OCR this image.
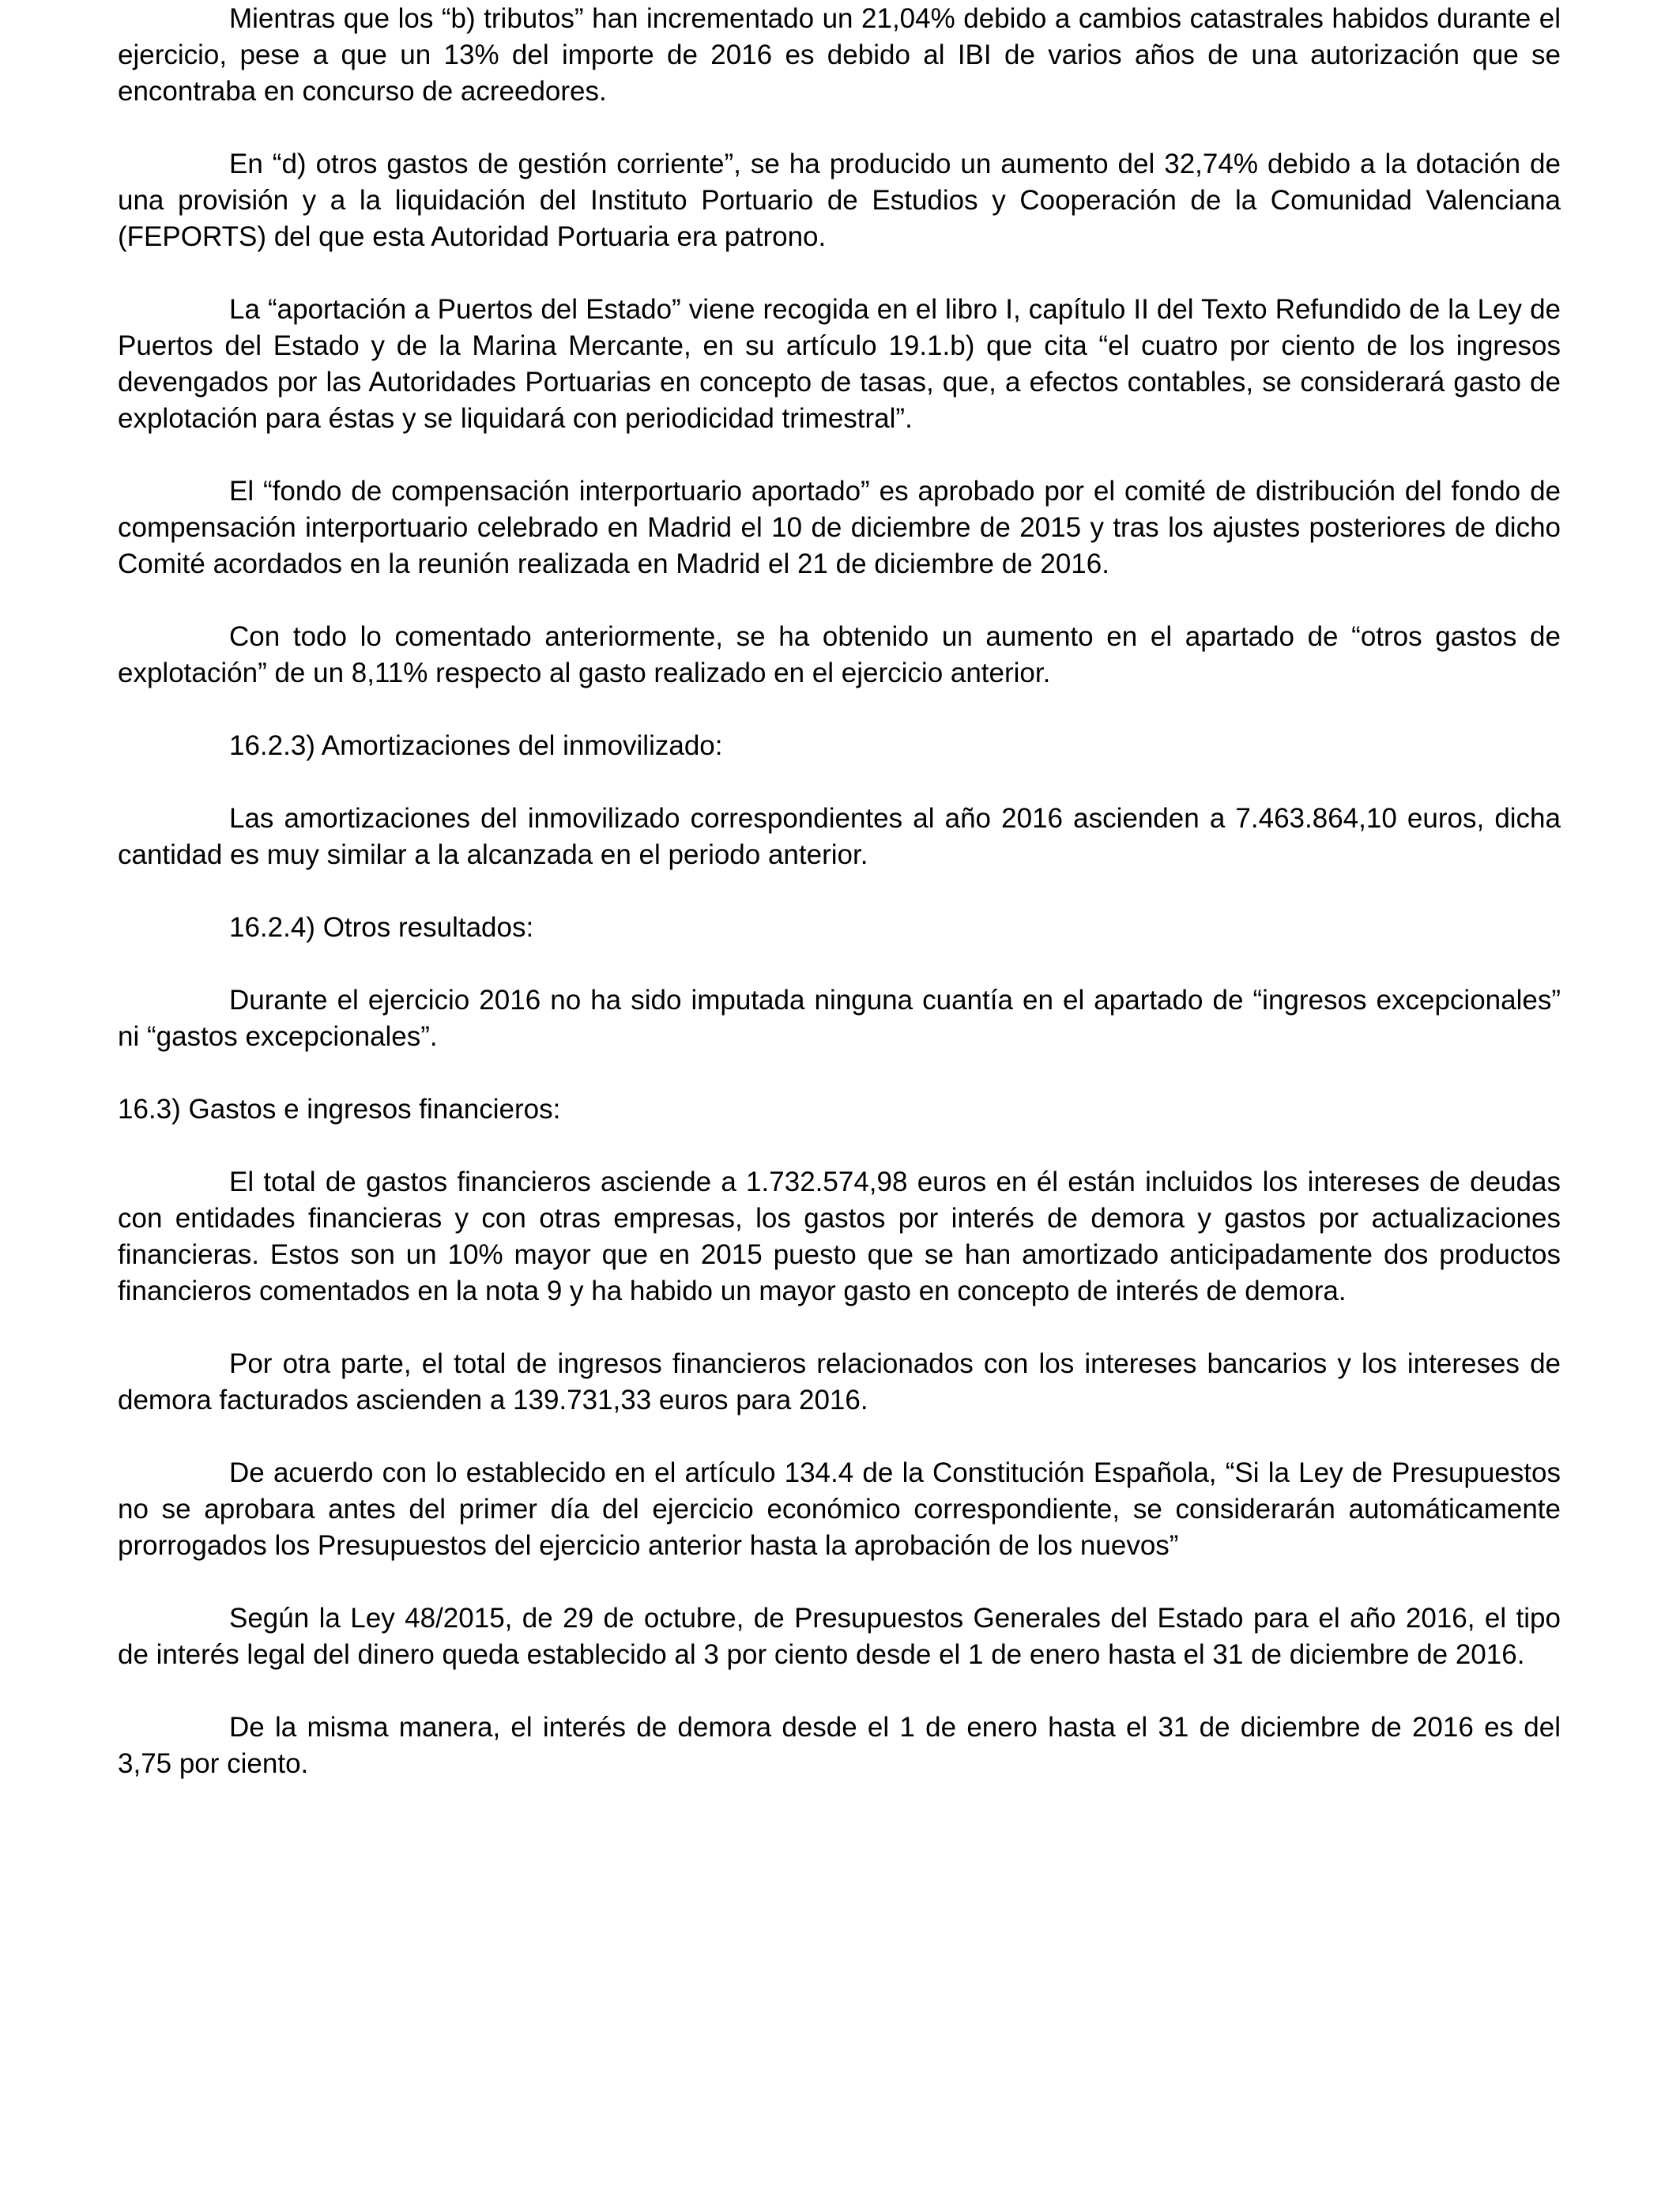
Mientras que los “b) tributos” han incrementado un 21,04% debido a cambios catastrales habidos durante el ejercicio, pese a que un 13% del importe de 2016 es debido al IBI de varios años de una autorización que se encontraba en concurso de acreedores.

En “d) otros gastos de gestión corriente”, se ha producido un aumento del 32,74% debido a la dotación de una provisión y a la liquidación del Instituto Portuario de Estudios y Cooperación de la Comunidad Valenciana (FEPORTS) del que esta Autoridad Portuaria era patrono.

La “aportación a Puertos del Estado” viene recogida en el libro I, capítulo II del Texto Refundido de la Ley de Puertos del Estado y de la Marina Mercante, en su artículo 19.1.b) que cita “el cuatro por ciento de los ingresos devengados por las Autoridades Portuarias en concepto de tasas, que, a efectos contables, se considerará gasto de explotación para éstas y se liquidará con periodicidad trimestral”.

El “fondo de compensación interportuario aportado” es aprobado por el comité de distribución del fondo de compensación interportuario celebrado en Madrid el 10 de diciembre de 2015 y tras los ajustes posteriores de dicho Comité acordados en la reunión realizada en Madrid el 21 de diciembre de 2016.

Con todo lo comentado anteriormente, se ha obtenido un aumento en el apartado de “otros gastos de explotación” de un 8,11% respecto al gasto realizado en el ejercicio anterior.

16.2.3) Amortizaciones del inmovilizado:

Las amortizaciones del inmovilizado correspondientes al año 2016 ascienden a 7.463.864,10 euros, dicha cantidad es muy similar a la alcanzada en el periodo anterior.

16.2.4) Otros resultados:

Durante el ejercicio 2016 no ha sido imputada ninguna cuantía en el apartado de “ingresos excepcionales” ni “gastos excepcionales”.

16.3) Gastos e ingresos financieros:

El total de gastos financieros asciende a 1.732.574,98 euros en él están incluidos los intereses de deudas con entidades financieras y con otras empresas, los gastos por interés de demora y gastos por actualizaciones financieras. Estos son un 10% mayor que en 2015 puesto que se han amortizado anticipadamente dos productos financieros comentados en la nota 9 y ha habido un mayor gasto en concepto de interés de demora.

Por otra parte, el total de ingresos financieros relacionados con los intereses bancarios y los intereses de demora facturados ascienden a 139.731,33 euros para 2016.

De acuerdo con lo establecido en el artículo 134.4 de la Constitución Española, “Si la Ley de Presupuestos no se aprobara antes del primer día del ejercicio económico correspondiente, se considerarán automáticamente prorrogados los Presupuestos del ejercicio anterior hasta la aprobación de los nuevos”

Según la Ley 48/2015, de 29 de octubre, de Presupuestos Generales del Estado para el año 2016, el tipo de interés legal del dinero queda establecido al 3 por ciento desde el 1 de enero hasta el 31 de diciembre de 2016.

De la misma manera, el interés de demora desde el 1 de enero hasta el 31 de diciembre de 2016 es del 3,75 por ciento.
